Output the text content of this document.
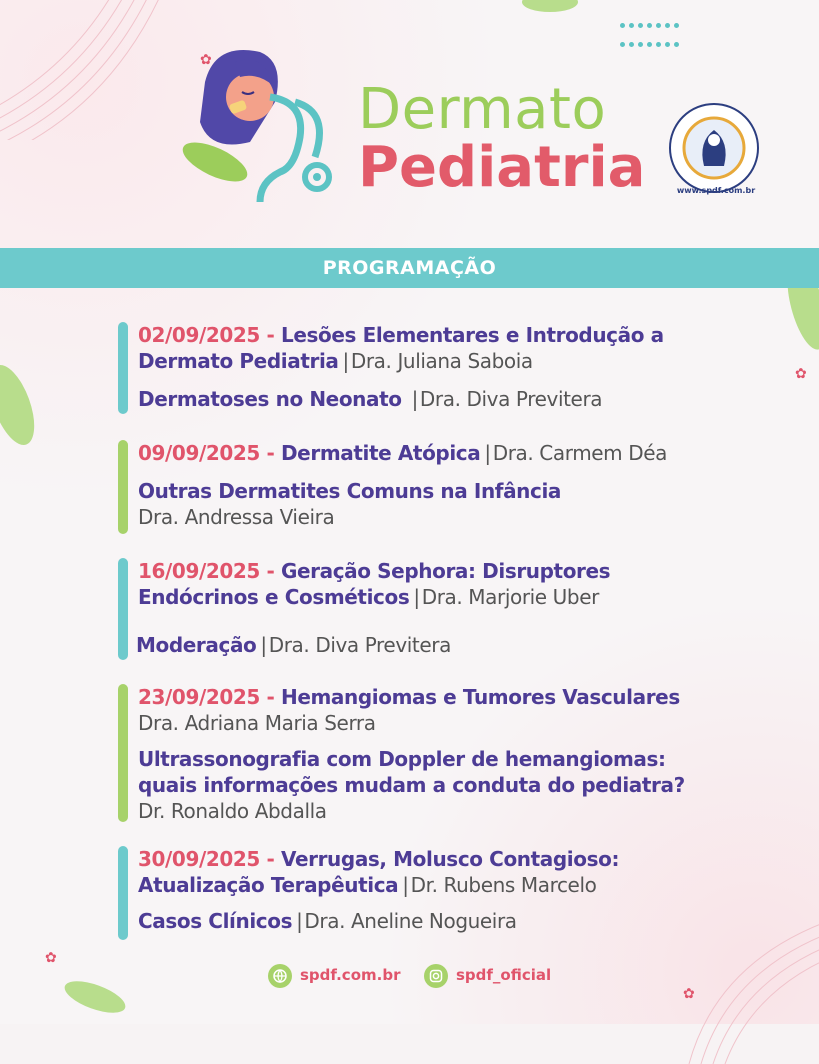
✿
✿
✿
✿
Dermato
Pediatria	www.spdf.com.br
PROGRAMAÇÃO
02/09/2025 - Lesões Elementares e Introdução a
Dermato Pediatria | Dra. Juliana Saboia
Dermatoses no Neonato | Dra. Diva Previtera
09/09/2025 - Dermatite Atópica | Dra. Carmem Déa
Outras Dermatites Comuns na Infância
Dra. Andressa Vieira
16/09/2025 - Geração Sephora: Disruptores
Endócrinos e Cosméticos | Dra. Marjorie Uber
Moderação | Dra. Diva Previtera
23/09/2025 - Hemangiomas e Tumores Vasculares
Dra. Adriana Maria Serra
Ultrassonografia com Doppler de hemangiomas:
quais informações mudam a conduta do pediatra?
Dr. Ronaldo Abdalla
30/09/2025 - Verrugas, Molusco Contagioso:
Atualização Terapêutica | Dr. Rubens Marcelo
Casos Clínicos | Dra. Aneline Nogueira
spdf.com.br	spdf_oficial
